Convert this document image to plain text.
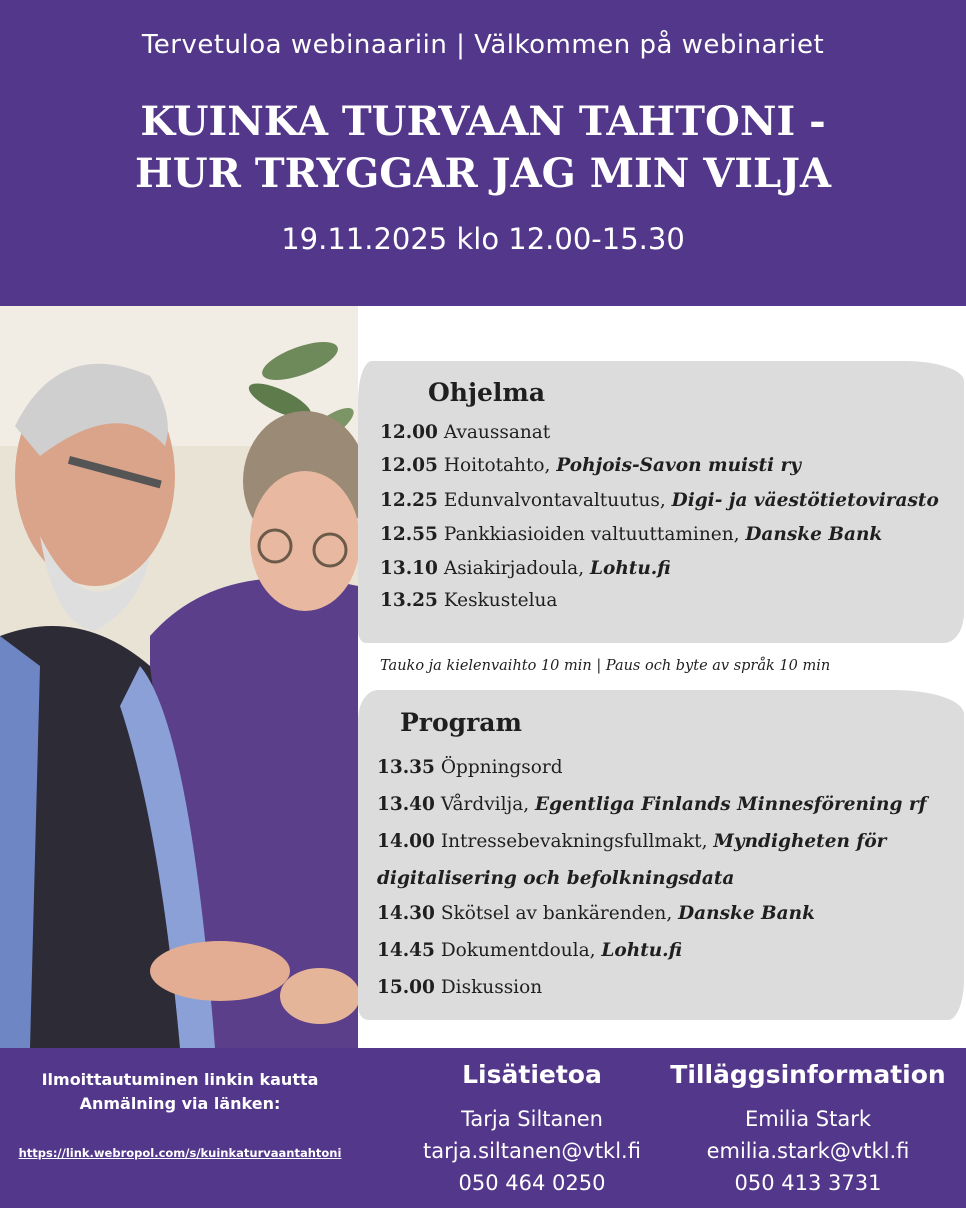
Tervetuloa webinaariin | Välkommen på webinariet
KUINKA TURVAAN TAHTONI -
HUR TRYGGAR JAG MIN VILJA
19.11.2025 klo 12.00-15.30
Ohjelma
12.00 Avaussanat
12.05 Hoitotahto, Pohjois-Savon muisti ry
12.25 Edunvalvontavaltuutus, Digi- ja väestötietovirasto
12.55 Pankkiasioiden valtuuttaminen, Danske Bank
13.10 Asiakirjadoula, Lohtu.fi
13.25 Keskustelua
Tauko ja kielenvaihto 10 min | Paus och byte av språk 10 min
Program
13.35 Öppningsord
13.40 Vårdvilja, Egentliga Finlands Minnesförening rf
14.00 Intressebevakningsfullmakt, Myndigheten för
digitalisering och befolkningsdata
14.30 Skötsel av bankärenden, Danske Bank
14.45 Dokumentdoula, Lohtu.fi
15.00 Diskussion
Ilmoittautuminen linkin kautta
Anmälning via länken:
https://link.webropol.com/s/kuinkaturvaantahtoni
Lisätietoa
Tarja Siltanen
tarja.siltanen@vtkl.fi
050 464 0250
Tilläggsinformation
Emilia Stark
emilia.stark@vtkl.fi
050 413 3731
